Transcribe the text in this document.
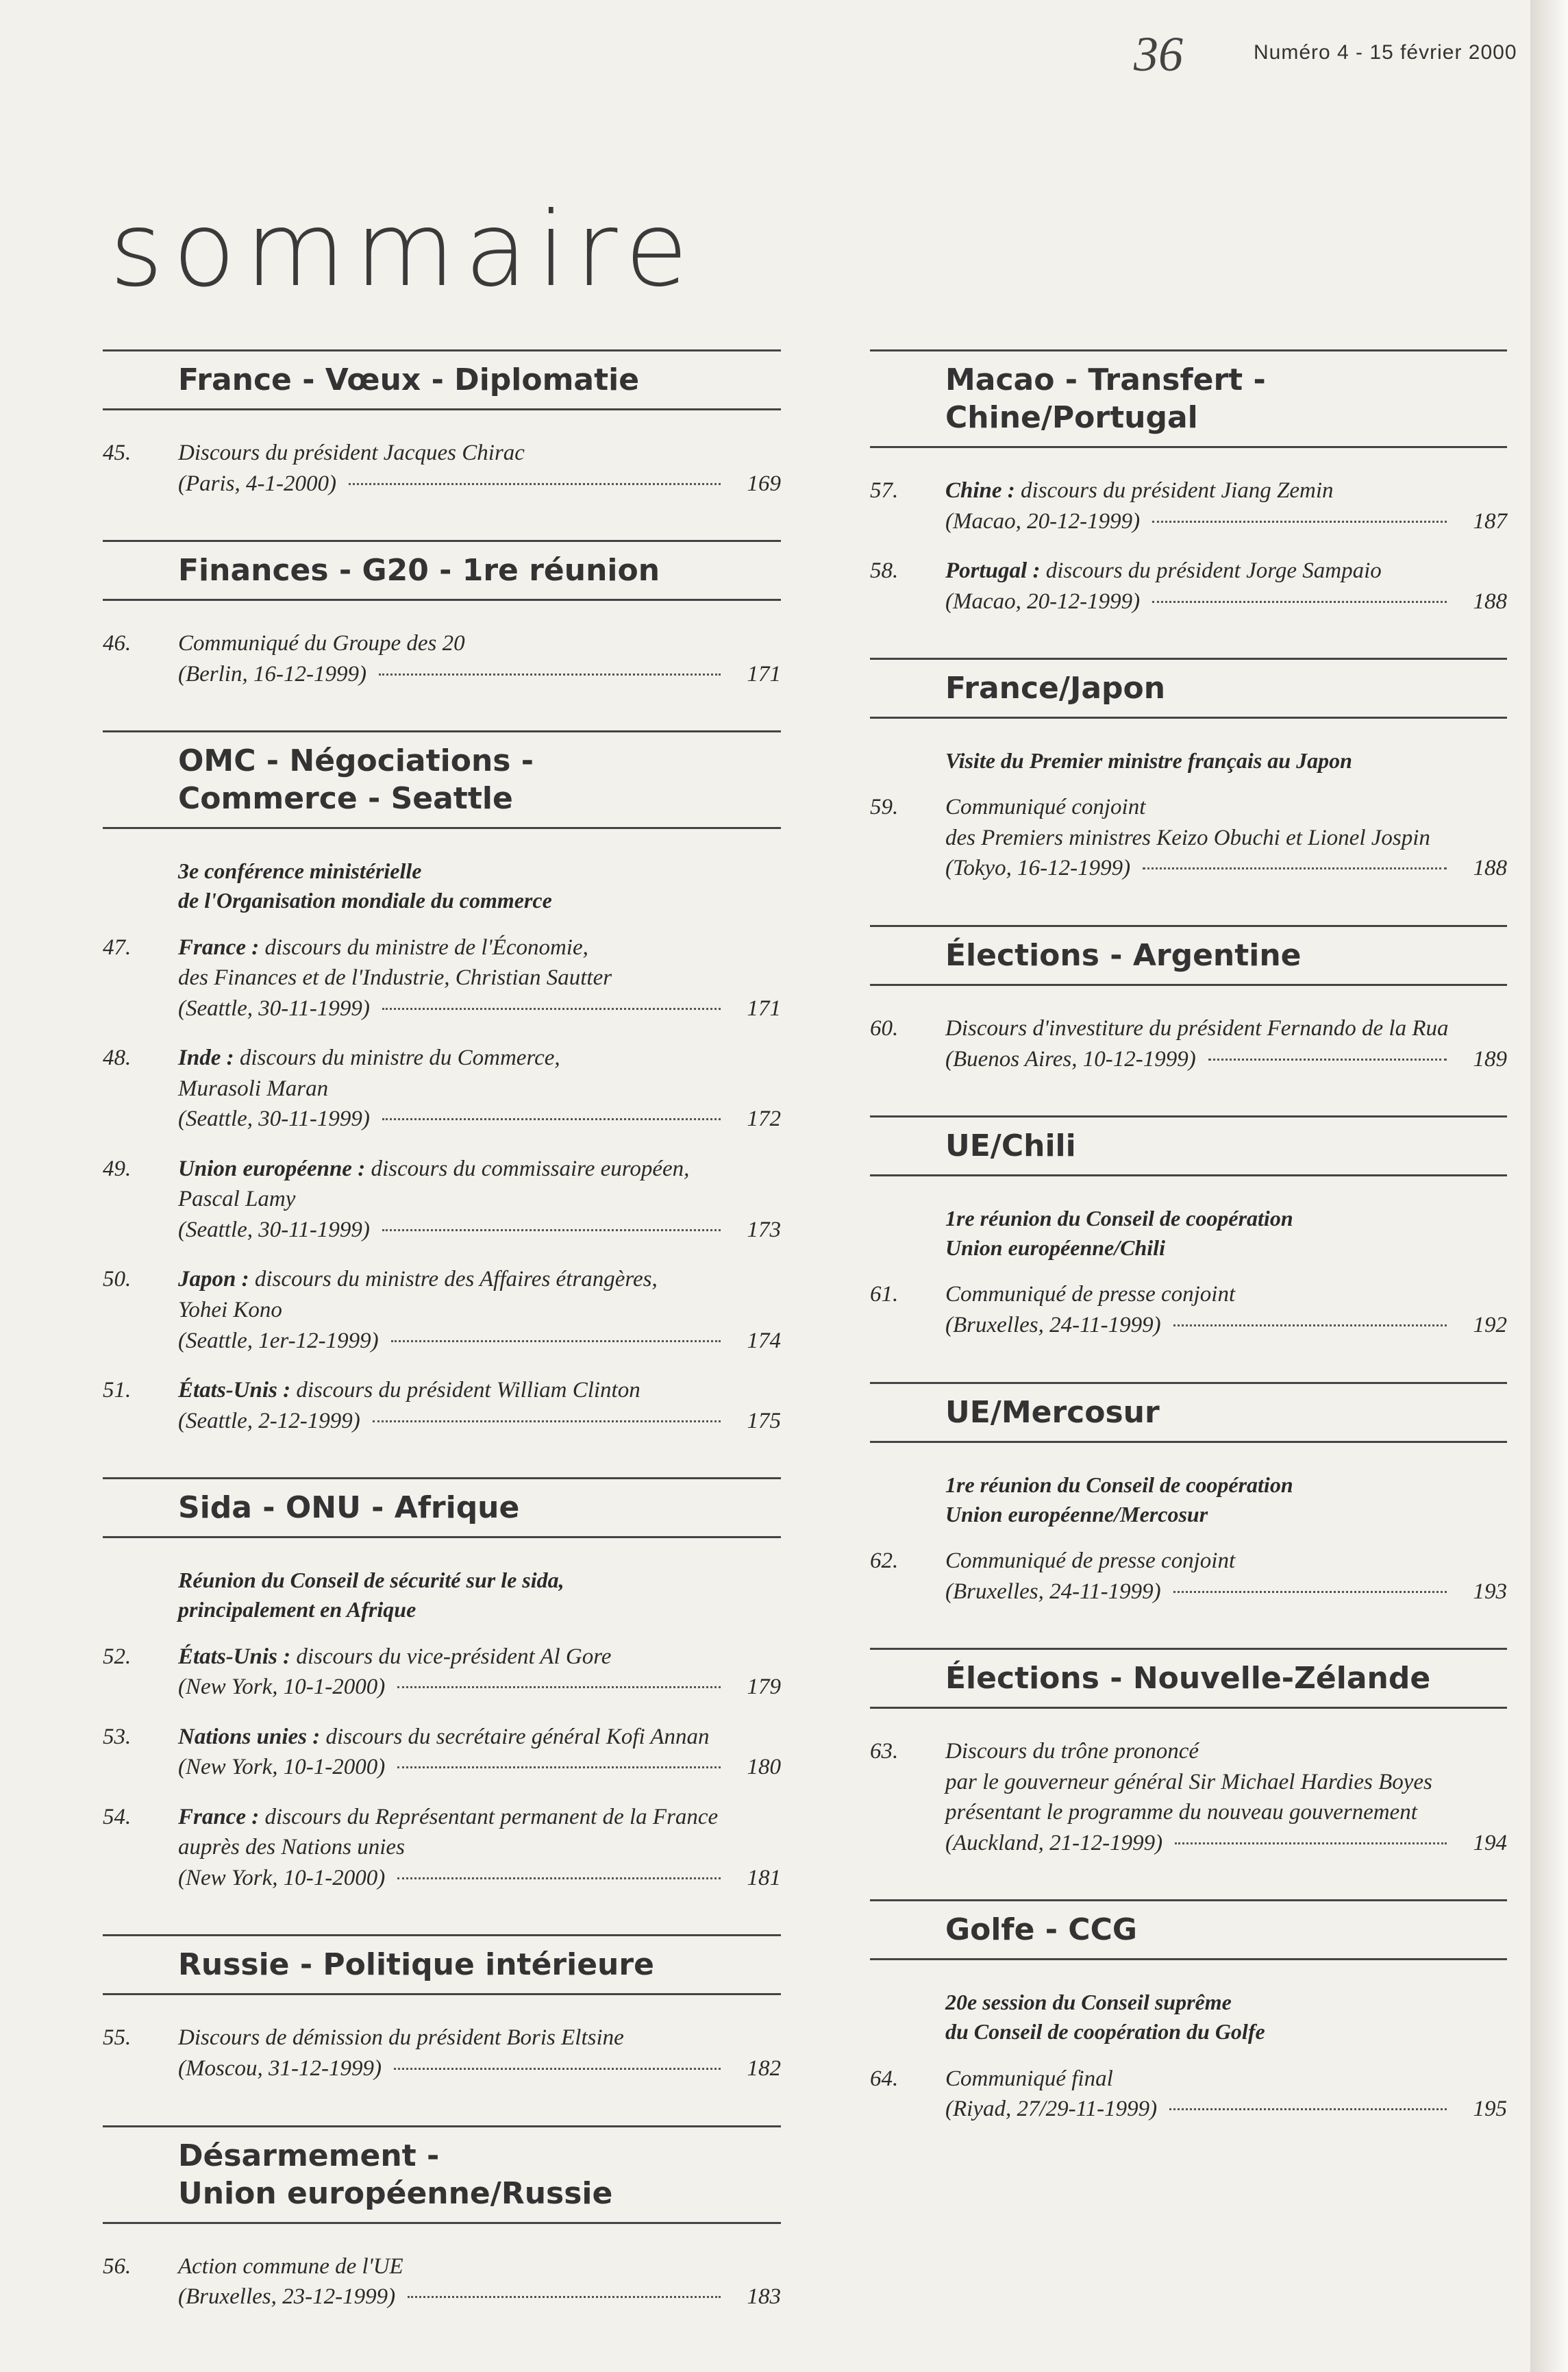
36	Numéro 4 - 15 février 2000
sommaire
France - Vœux - Diplomatie
45.	Discours du président Jacques Chirac
(Paris, 4-1-2000)	169
Finances - G20 - 1re réunion
46.	Communiqué du Groupe des 20
(Berlin, 16-12-1999)	171
OMC - Négociations -
Commerce - Seattle
3e conférence ministérielle
de l'Organisation mondiale du commerce
47.	France : discours du ministre de l'Économie,
des Finances et de l'Industrie, Christian Sautter
(Seattle, 30-11-1999)	171
48.	Inde : discours du ministre du Commerce,
Murasoli Maran
(Seattle, 30-11-1999)	172
49.	Union européenne : discours du commissaire européen,
Pascal Lamy
(Seattle, 30-11-1999)	173
50.	Japon : discours du ministre des Affaires étrangères,
Yohei Kono
(Seattle, 1er-12-1999)	174
51.	États-Unis : discours du président William Clinton
(Seattle, 2-12-1999)	175
Sida - ONU - Afrique
Réunion du Conseil de sécurité sur le sida,
principalement en Afrique
52.	États-Unis : discours du vice-président Al Gore
(New York, 10-1-2000)	179
53.	Nations unies : discours du secrétaire général Kofi Annan
(New York, 10-1-2000)	180
54.	France : discours du Représentant permanent de la France
auprès des Nations unies
(New York, 10-1-2000)	181
Russie - Politique intérieure
55.	Discours de démission du président Boris Eltsine
(Moscou, 31-12-1999)	182
Désarmement -
Union européenne/Russie
56.	Action commune de l'UE
(Bruxelles, 23-12-1999)	183
Macao - Transfert -
Chine/Portugal
57.	Chine : discours du président Jiang Zemin
(Macao, 20-12-1999)	187
58.	Portugal : discours du président Jorge Sampaio
(Macao, 20-12-1999)	188
France/Japon
Visite du Premier ministre français au Japon
59.	Communiqué conjoint
des Premiers ministres Keizo Obuchi et Lionel Jospin
(Tokyo, 16-12-1999)	188
Élections - Argentine
60.	Discours d'investiture du président Fernando de la Rua
(Buenos Aires, 10-12-1999)	189
UE/Chili
1re réunion du Conseil de coopération
Union européenne/Chili
61.	Communiqué de presse conjoint
(Bruxelles, 24-11-1999)	192
UE/Mercosur
1re réunion du Conseil de coopération
Union européenne/Mercosur
62.	Communiqué de presse conjoint
(Bruxelles, 24-11-1999)	193
Élections - Nouvelle-Zélande
63.	Discours du trône prononcé
par le gouverneur général Sir Michael Hardies Boyes
présentant le programme du nouveau gouvernement
(Auckland, 21-12-1999)	194
Golfe - CCG
20e session du Conseil suprême
du Conseil de coopération du Golfe
64.	Communiqué final
(Riyad, 27/29-11-1999)	195
